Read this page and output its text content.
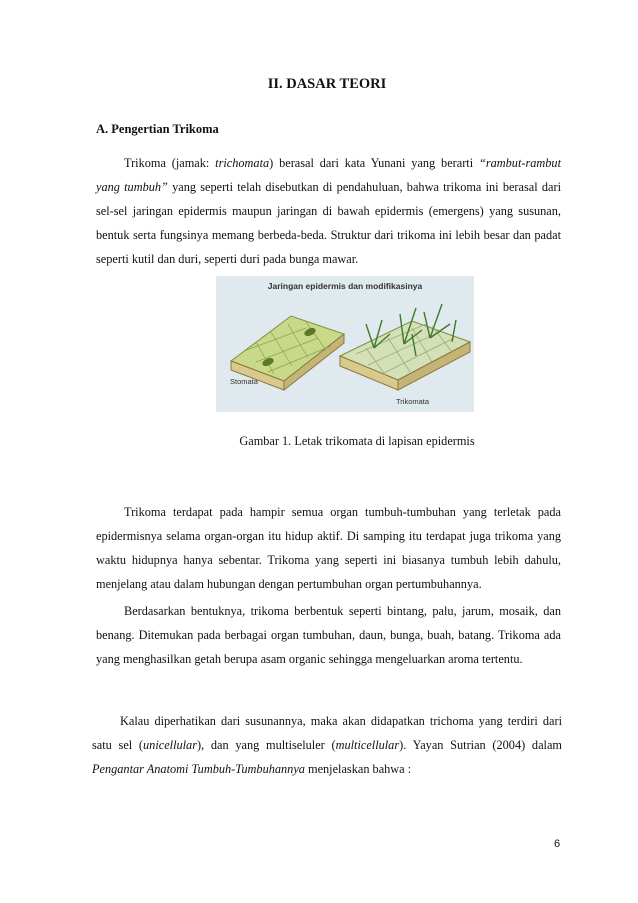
II. DASAR TEORI
A. Pengertian Trikoma
Trikoma (jamak: trichomata) berasal dari kata Yunani yang berarti “rambut-rambut yang tumbuh” yang seperti telah disebutkan di pendahuluan, bahwa trikoma ini berasal dari sel-sel jaringan epidermis maupun jaringan di bawah epidermis (emergens) yang susunan, bentuk serta fungsinya memang berbeda-beda. Struktur dari trikoma ini lebih besar dan padat seperti kutil dan duri, seperti duri pada bunga mawar.
Jaringan epidermis dan modifikasinya
Stomata
Trikomata
Gambar 1. Letak trikomata di lapisan epidermis
Trikoma terdapat pada hampir semua organ tumbuh-tumbuhan yang terletak pada epidermisnya selama organ-organ itu hidup aktif. Di samping itu terdapat juga trikoma yang waktu hidupnya hanya sebentar. Trikoma yang seperti ini biasanya tumbuh lebih dahulu, menjelang atau dalam hubungan dengan pertumbuhan organ pertumbuhannya.
Berdasarkan bentuknya, trikoma berbentuk seperti bintang, palu, jarum, mosaik, dan benang. Ditemukan pada berbagai organ tumbuhan, daun, bunga, buah, batang. Trikoma ada yang menghasilkan getah berupa asam organic sehingga mengeluarkan aroma tertentu.
Kalau diperhatikan dari susunannya, maka akan didapatkan trichoma yang terdiri dari satu sel (unicellular), dan yang multiseluler (multicellular). Yayan Sutrian (2004) dalam Pengantar Anatomi Tumbuh-Tumbuhannya menjelaskan bahwa :
6
